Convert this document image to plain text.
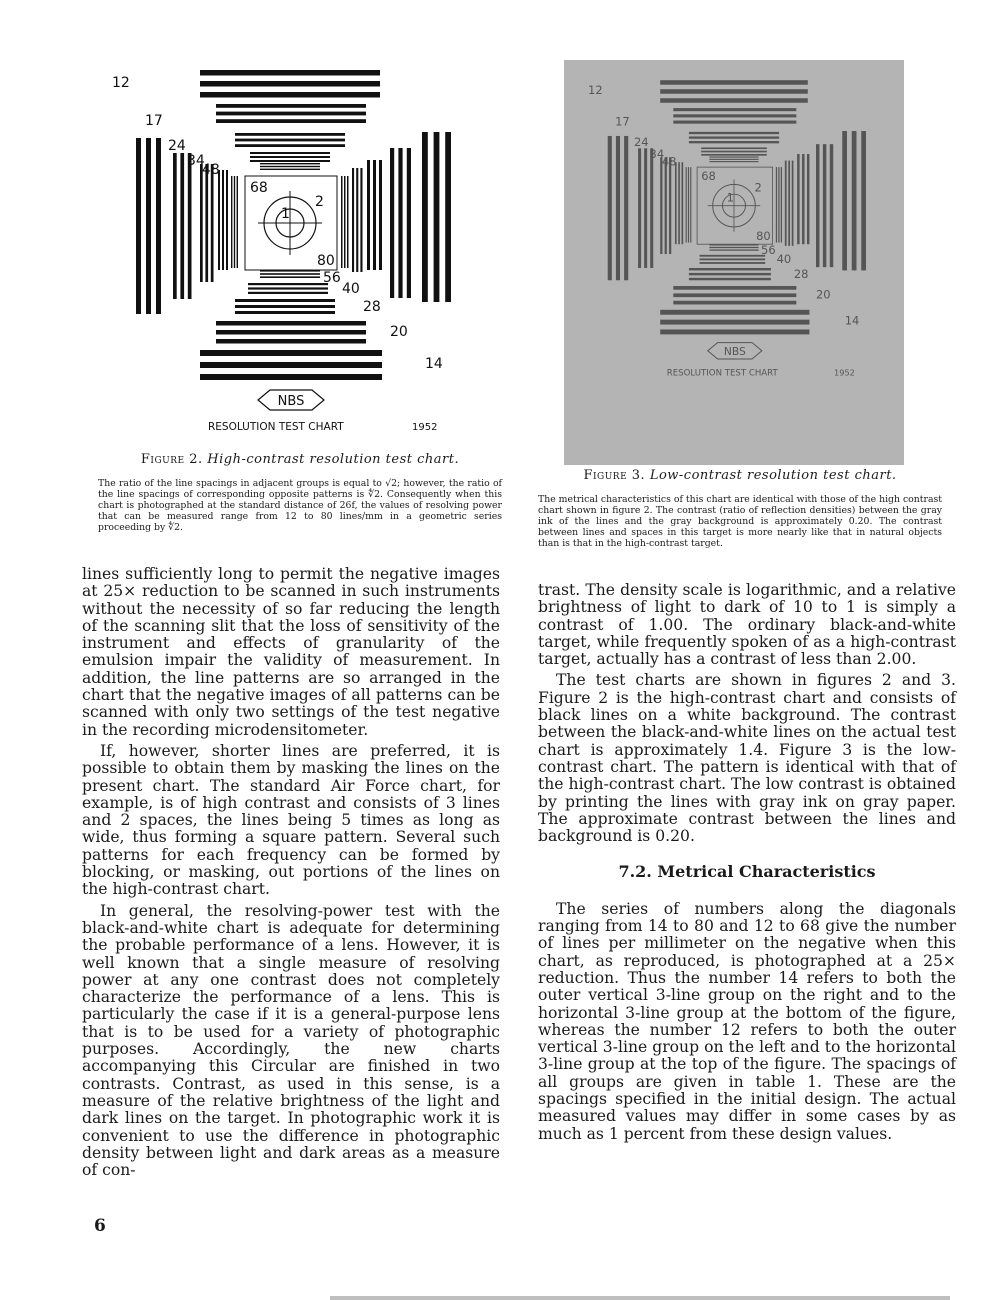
12
17
24
34
48
68
2
1
80
56
40
28
20
14
NBS
RESOLUTION TEST CHART	1952
Figure 2. High-contrast resolution test chart.
The ratio of the line spacings in adjacent groups is equal to √2; however, the ratio of the line spacings of corresponding opposite patterns is ∜2. Consequently when this chart is photographed at the standard distance of 26f, the values of resolving power that can be measured range from 12 to 80 lines/mm in a geometric series proceeding by ∜2.
12
17
24
34
48
68
2
1
80
56
40
28
20
14
NBS
RESOLUTION TEST CHART	1952
Figure 3. Low-contrast resolution test chart.
The metrical characteristics of this chart are identical with those of the high contrast chart shown in figure 2. The contrast (ratio of reflection densities) between the gray ink of the lines and the gray background is approximately 0.20. The contrast between lines and spaces in this target is more nearly like that in natural objects than is that in the high-contrast target.

lines sufficiently long to permit the negative images at 25× reduction to be scanned in such instruments without the necessity of so far reducing the length of the scanning slit that the loss of sensitivity of the instrument and effects of granularity of the emulsion impair the validity of measurement. In addition, the line patterns are so arranged in the chart that the negative images of all patterns can be scanned with only two settings of the test negative in the recording microdensitometer.

If, however, shorter lines are preferred, it is possible to obtain them by masking the lines on the present chart. The standard Air Force chart, for example, is of high contrast and consists of 3 lines and 2 spaces, the lines being 5 times as long as wide, thus forming a square pattern. Several such patterns for each frequency can be formed by blocking, or masking, out portions of the lines on the high-contrast chart.

In general, the resolving-power test with the black-and-white chart is adequate for determining the probable performance of a lens. However, it is well known that a single measure of resolving power at any one contrast does not completely characterize the performance of a lens. This is particularly the case if it is a general-purpose lens that is to be used for a variety of photographic purposes. Accordingly, the new charts accompanying this Circular are finished in two contrasts. Contrast, as used in this sense, is a measure of the relative brightness of the light and dark lines on the target. In photographic work it is convenient to use the difference in photographic density between light and dark areas as a measure of con-

trast. The density scale is logarithmic, and a relative brightness of light to dark of 10 to 1 is simply a contrast of 1.00. The ordinary black-and-white target, while frequently spoken of as a high-contrast target, actually has a contrast of less than 2.00.

The test charts are shown in figures 2 and 3. Figure 2 is the high-contrast chart and consists of black lines on a white background. The contrast between the black-and-white lines on the actual test chart is approximately 1.4. Figure 3 is the low-contrast chart. The pattern is identical with that of the high-contrast chart. The low contrast is obtained by printing the lines with gray ink on gray paper. The approximate contrast between the lines and background is 0.20.

7.2. Metrical Characteristics

The series of numbers along the diagonals ranging from 14 to 80 and 12 to 68 give the number of lines per millimeter on the negative when this chart, as reproduced, is photographed at a 25× reduction. Thus the number 14 refers to both the outer vertical 3-line group on the right and to the horizontal 3-line group at the bottom of the figure, whereas the number 12 refers to both the outer vertical 3-line group on the left and to the horizontal 3-line group at the top of the figure. The spacings of all groups are given in table 1. These are the spacings specified in the initial design. The actual measured values may differ in some cases by as much as 1 percent from these design values.

6
